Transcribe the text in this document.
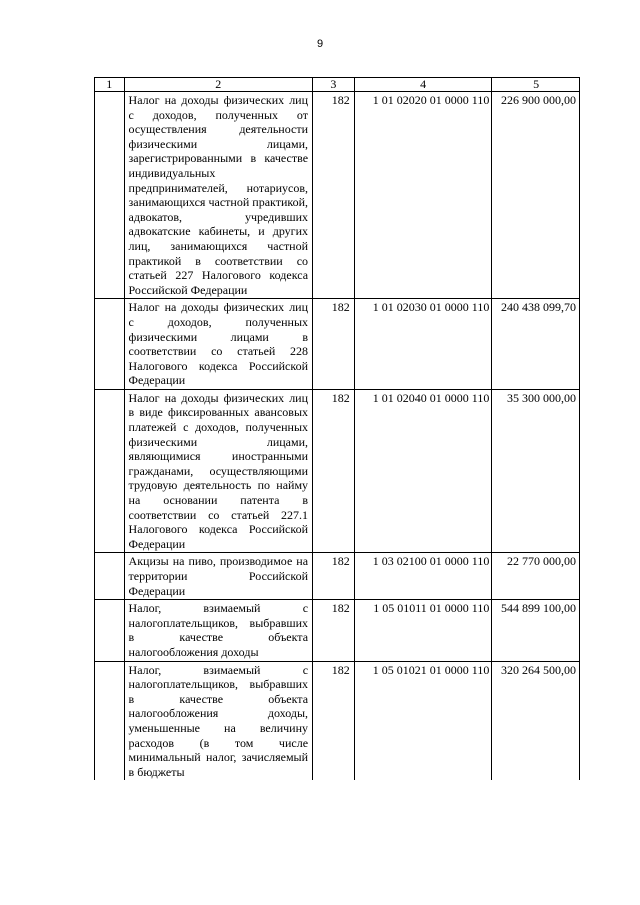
9
1	2	3	4	5
	Налог на доходы физических лиц с доходов, полученных от осуществления деятельности физическими лицами, зарегистрированными в качестве индивидуальных предпринимателей, нотариусов, занимающихся частной практикой, адвокатов, учредивших адвокатские кабинеты, и других лиц, занимающихся частной практикой в соответствии со статьей 227 Налогового кодекса Российской Федерации	182	1 01 02020 01 0000 110	226 900 000,00
	Налог на доходы физических лиц с доходов, полученных физическими лицами в соответствии со статьей 228 Налогового кодекса Российской Федерации	182	1 01 02030 01 0000 110	240 438 099,70
	Налог на доходы физических лиц в виде фиксированных авансовых платежей с доходов, полученных физическими лицами, являющимися иностранными гражданами, осуществляющими трудовую деятельность по найму на основании патента в соответствии со статьей 227.1 Налогового кодекса Российской Федерации	182	1 01 02040 01 0000 110	35 300 000,00
	Акцизы на пиво, производимое на территории Российской Федерации	182	1 03 02100 01 0000 110	22 770 000,00
	Налог, взимаемый с налогоплательщиков, выбравших в качестве объекта налогообложения доходы	182	1 05 01011 01 0000 110	544 899 100,00
	Налог, взимаемый с налогоплательщиков, выбравших в качестве объекта налогообложения доходы, уменьшенные на величину расходов (в том числе минимальный налог, зачисляемый в бюджеты	182	1 05 01021 01 0000 110	320 264 500,00
